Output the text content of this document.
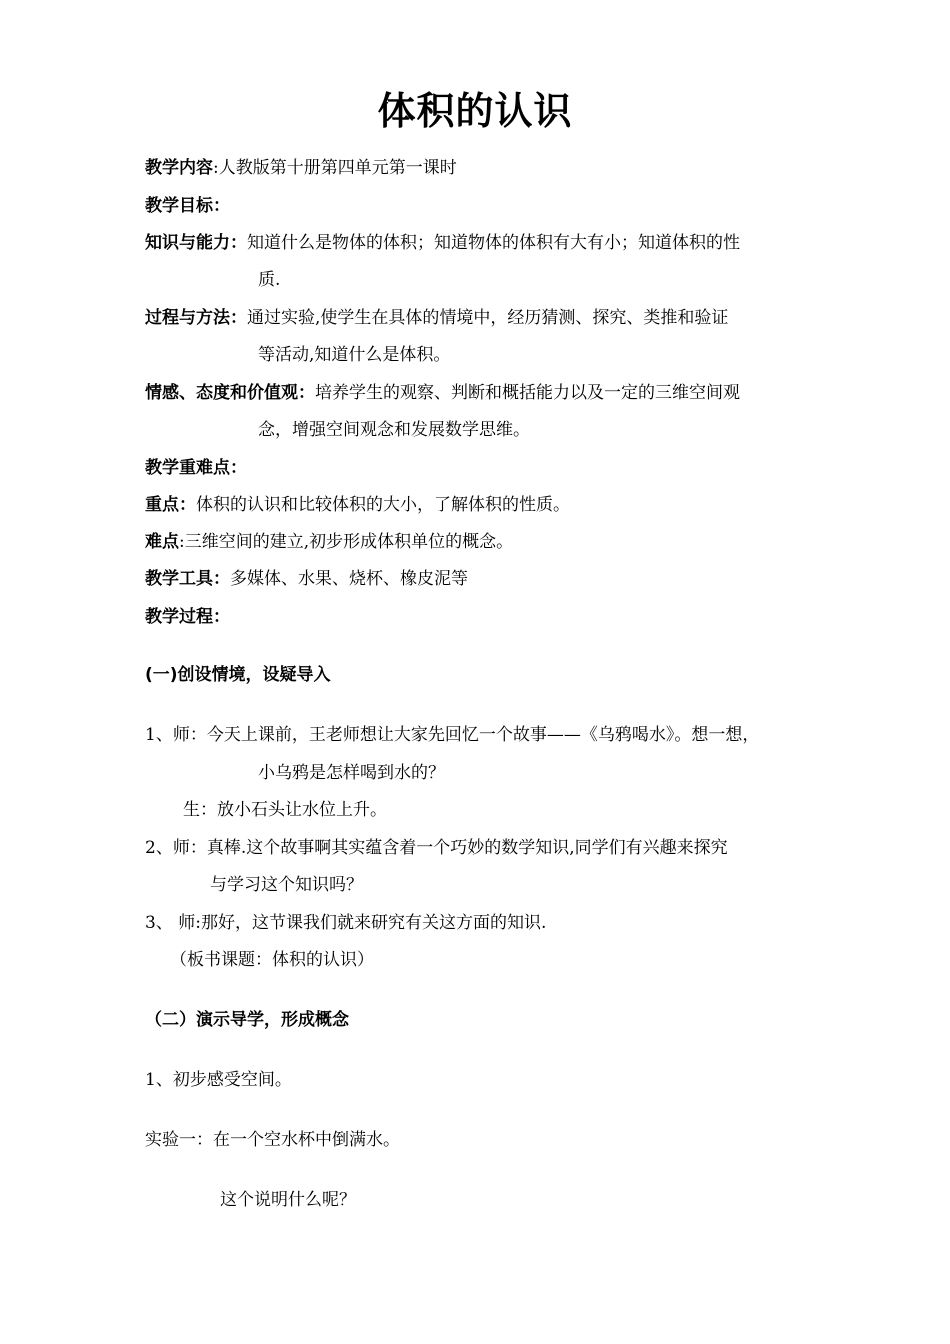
体积的认识
教学内容:人教版第十册第四单元第一课时
教学目标：
知识与能力：知道什么是物体的体积；知道物体的体积有大有小；知道体积的性
质.
过程与方法：通过实验,使学生在具体的情境中，经历猜测、探究、类推和验证
等活动,知道什么是体积。
情感、态度和价值观：培养学生的观察、判断和概括能力以及一定的三维空间观
念，增强空间观念和发展数学思维。
教学重难点：
重点：体积的认识和比较体积的大小，了解体积的性质。
难点:三维空间的建立,初步形成体积单位的概念。
教学工具：多媒体、水果、烧杯、橡皮泥等
教学过程：
(一)创设情境，设疑导入
1、师：今天上课前，王老师想让大家先回忆一个故事——《乌鸦喝水》。想一想，
小乌鸦是怎样喝到水的？
生：放小石头让水位上升。
2、师：真棒.这个故事啊其实蕴含着一个巧妙的数学知识,同学们有兴趣来探究
与学习这个知识吗？
3、 师:那好，这节课我们就来研究有关这方面的知识.
（板书课题：体积的认识）
（二）演示导学，形成概念
1、初步感受空间。
实验一：在一个空水杯中倒满水。
这个说明什么呢？
